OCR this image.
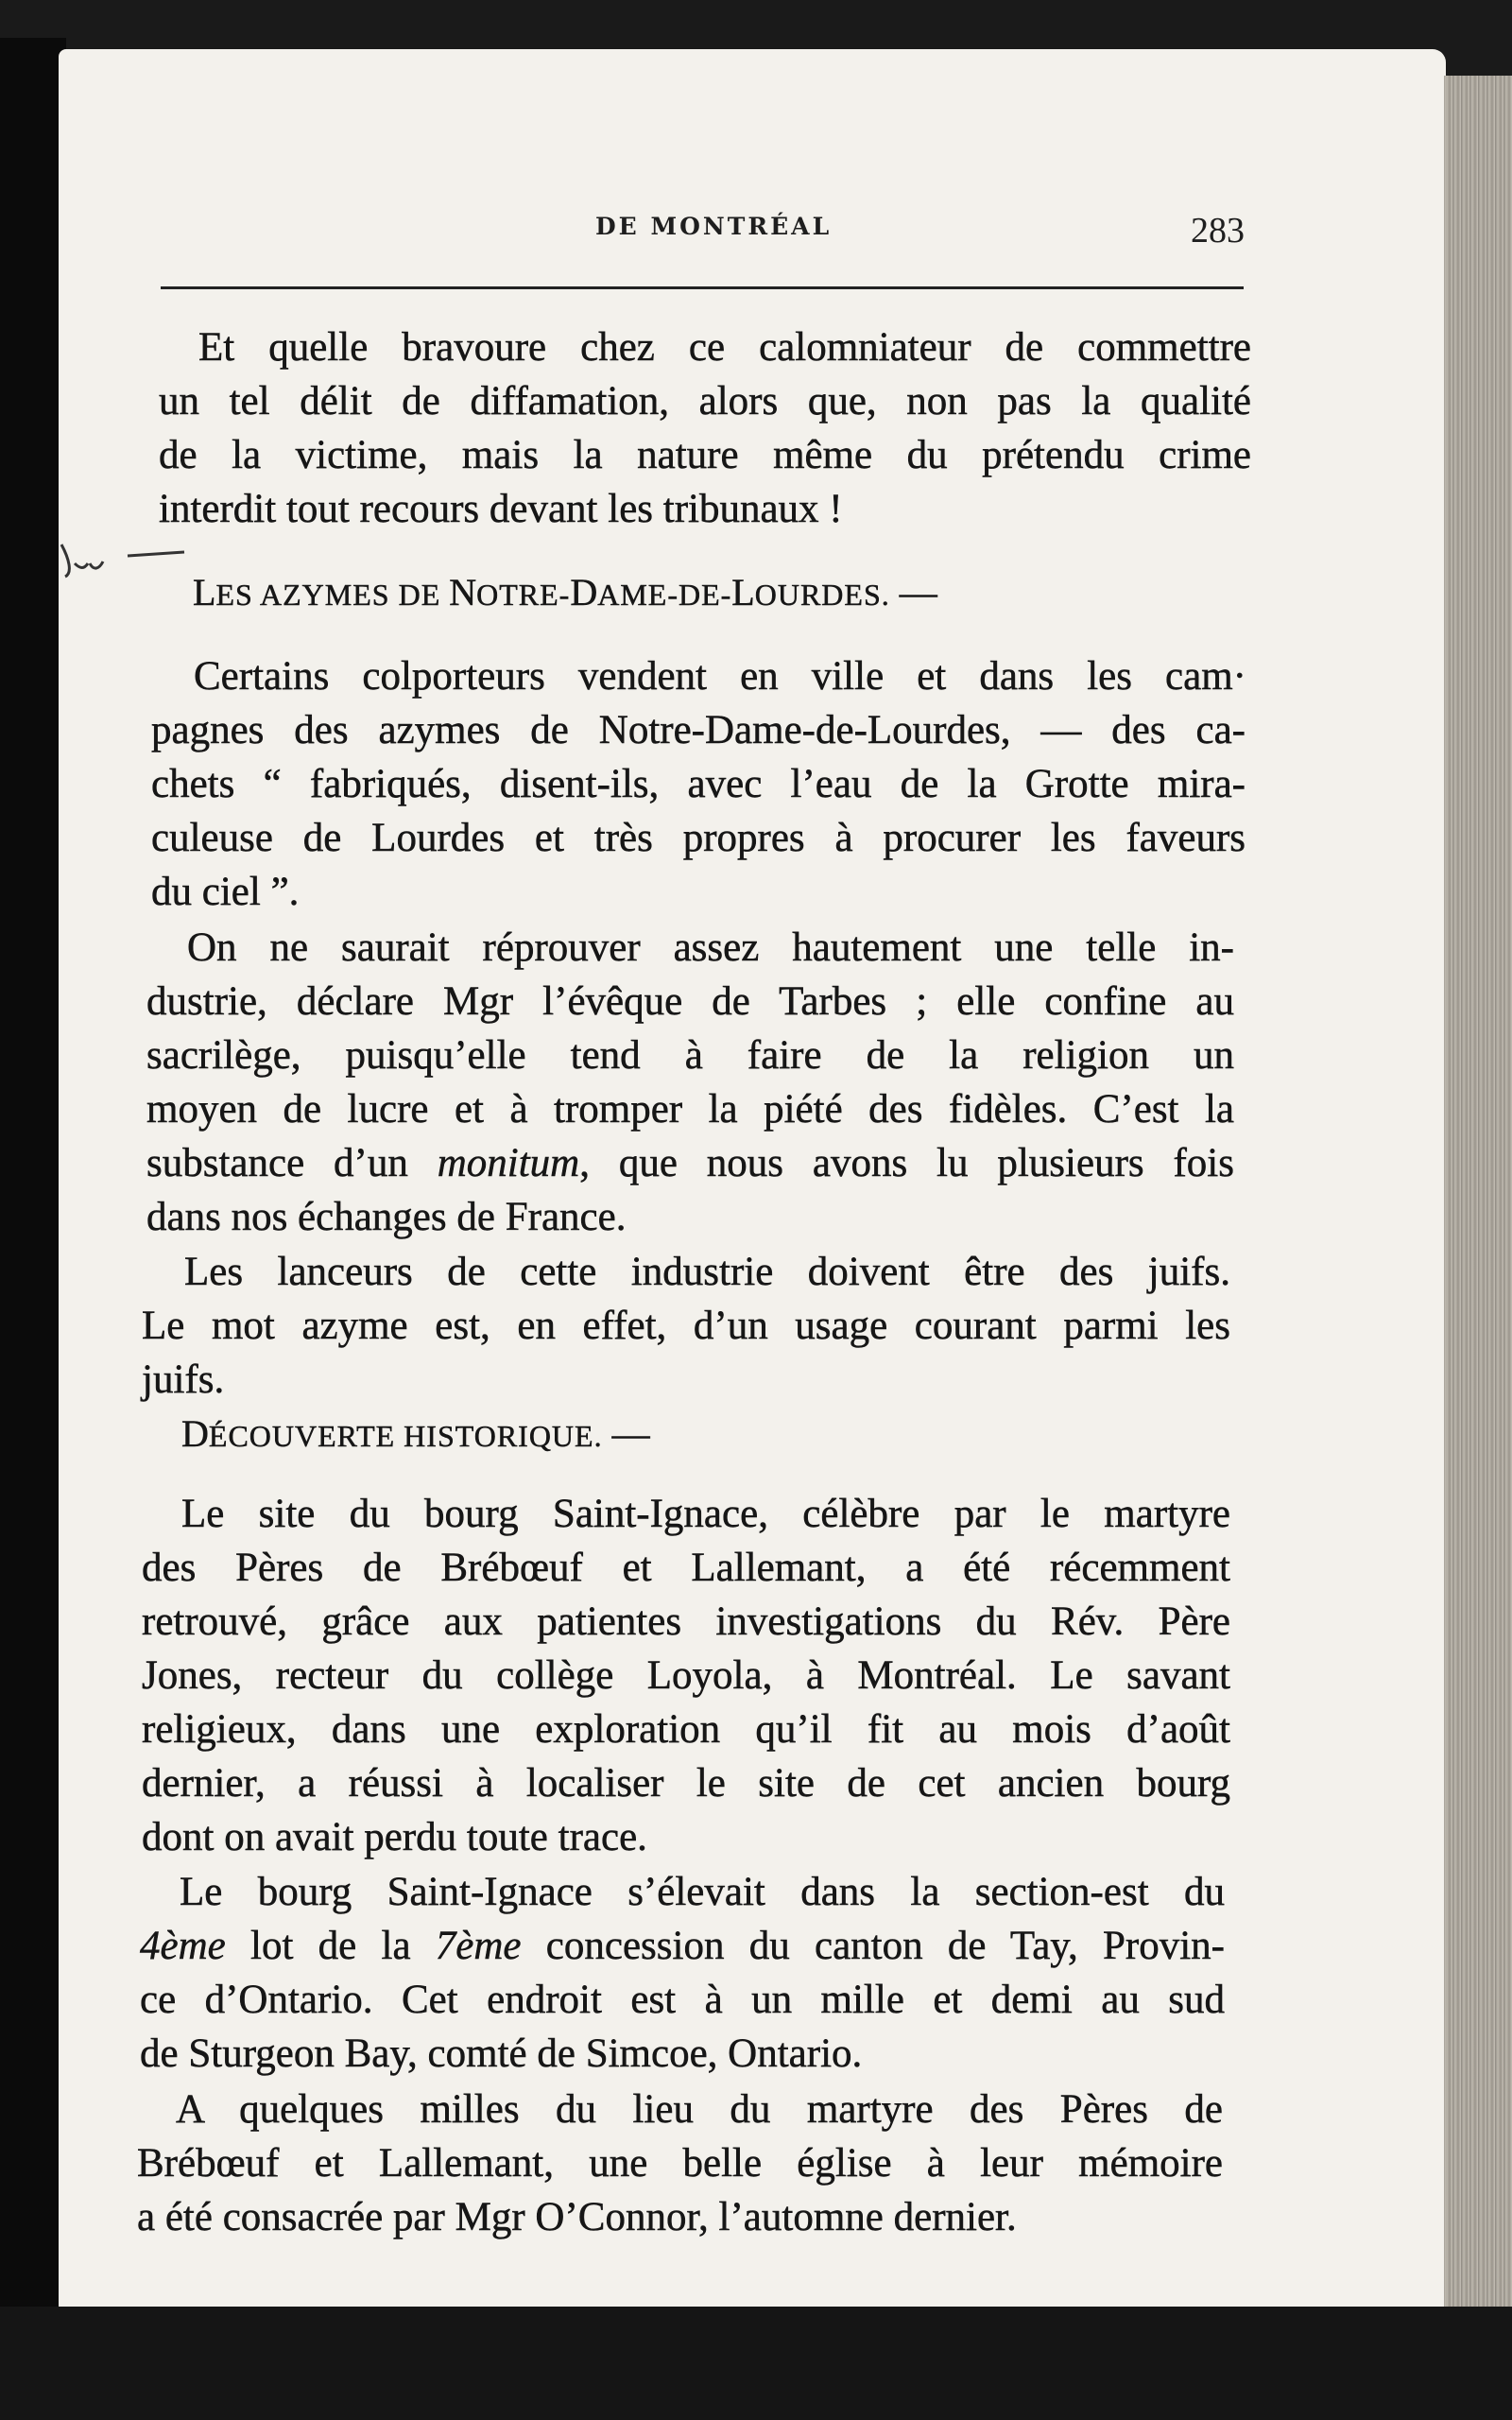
DE MONTRÉAL	283
Et quelle bravoure chez ce calomniateur de commettre
un tel délit de diffamation, alors que, non pas la qualité
de la victime, mais la nature même du prétendu crime
interdit tout recours devant les tribunaux !
LES AZYMES DE NOTRE-DAME-DE-LOURDES. —
Certains colporteurs vendent en ville et dans les cam·
pagnes des azymes de Notre-Dame-de-Lourdes, — des ca-
chets “ fabriqués, disent-ils, avec l’eau de la Grotte mira-
culeuse de Lourdes et très propres à procurer les faveurs
du ciel ”.
On ne saurait réprouver assez hautement une telle in-
dustrie, déclare Mgr l’évêque de Tarbes ; elle confine au
sacrilège, puisqu’elle tend à faire de la religion un
moyen de lucre et à tromper la piété des fidèles. C’est la
substance d’un monitum, que nous avons lu plusieurs fois
dans nos échanges de France.
Les lanceurs de cette industrie doivent être des juifs.
Le mot azyme est, en effet, d’un usage courant parmi les
juifs.
DÉCOUVERTE HISTORIQUE. —
Le site du bourg Saint-Ignace, célèbre par le martyre
des Pères de Brébœuf et Lallemant, a été récemment
retrouvé, grâce aux patientes investigations du Rév. Père
Jones, recteur du collège Loyola, à Montréal. Le savant
religieux, dans une exploration qu’il fit au mois d’août
dernier, a réussi à localiser le site de cet ancien bourg
dont on avait perdu toute trace.
Le bourg Saint-Ignace s’élevait dans la section-est du
4ème lot de la 7ème concession du canton de Tay, Provin-
ce d’Ontario. Cet endroit est à un mille et demi au sud
de Sturgeon Bay, comté de Simcoe, Ontario.
A quelques milles du lieu du martyre des Pères de
Brébœuf et Lallemant, une belle église à leur mémoire
a été consacrée par Mgr O’Connor, l’automne dernier.
